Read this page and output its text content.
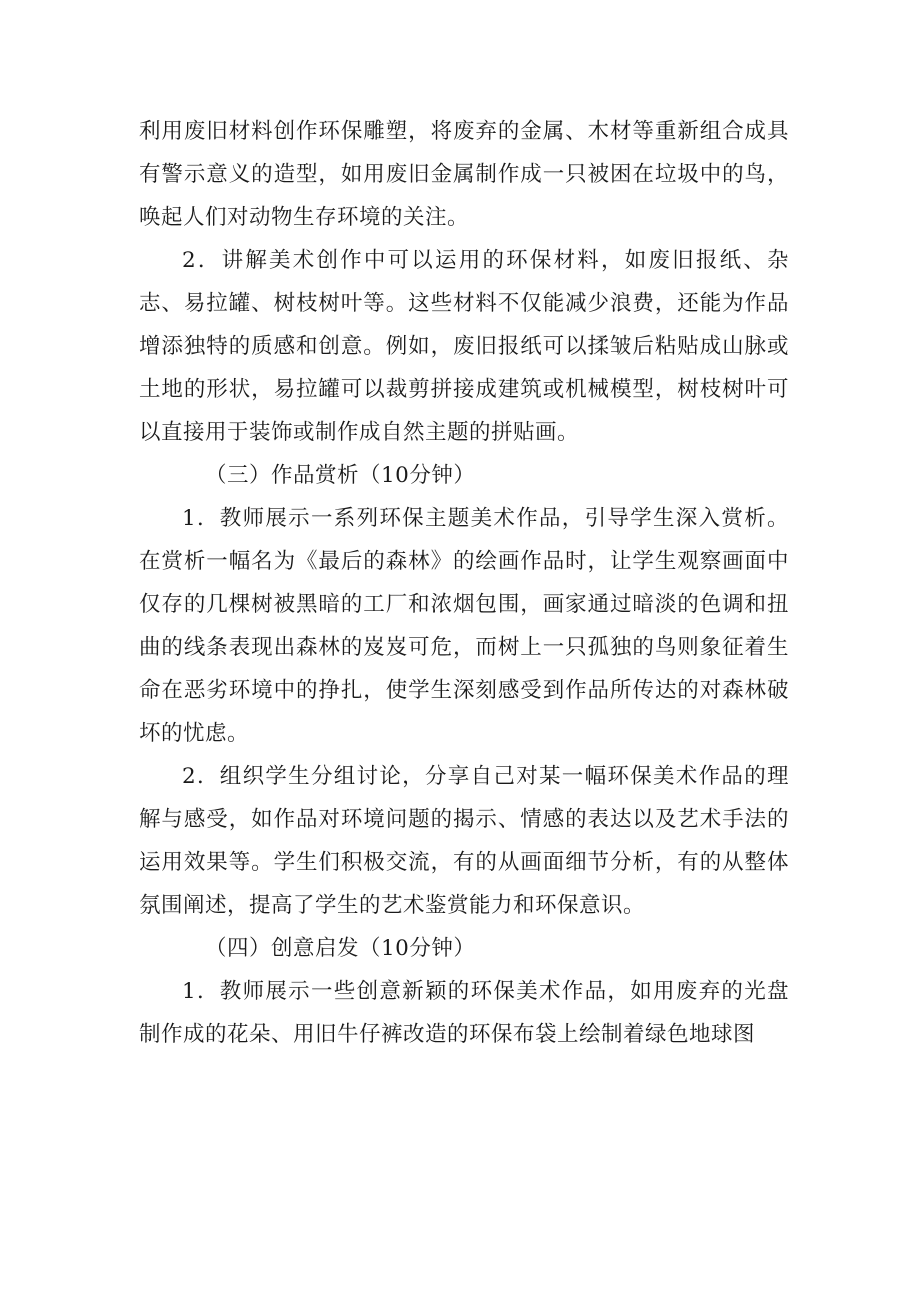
利用废旧材料创作环保雕塑，将废弃的金属、木材等重新组合成具有警示意义的造型，如用废旧金属制作成一只被困在垃圾中的鸟，唤起人们对动物生存环境的关注。

2．讲解美术创作中可以运用的环保材料，如废旧报纸、杂志、易拉罐、树枝树叶等。这些材料不仅能减少浪费，还能为作品增添独特的质感和创意。例如，废旧报纸可以揉皱后粘贴成山脉或土地的形状，易拉罐可以裁剪拼接成建筑或机械模型，树枝树叶可以直接用于装饰或制作成自然主题的拼贴画。

（三）作品赏析（10分钟）

1．教师展示一系列环保主题美术作品，引导学生深入赏析。在赏析一幅名为《最后的森林》的绘画作品时，让学生观察画面中仅存的几棵树被黑暗的工厂和浓烟包围，画家通过暗淡的色调和扭曲的线条表现出森林的岌岌可危，而树上一只孤独的鸟则象征着生命在恶劣环境中的挣扎，使学生深刻感受到作品所传达的对森林破坏的忧虑。

2．组织学生分组讨论，分享自己对某一幅环保美术作品的理解与感受，如作品对环境问题的揭示、情感的表达以及艺术手法的运用效果等。学生们积极交流，有的从画面细节分析，有的从整体氛围阐述，提高了学生的艺术鉴赏能力和环保意识。

（四）创意启发（10分钟）

1．教师展示一些创意新颖的环保美术作品，如用废弃的光盘制作成的花朵、用旧牛仔裤改造的环保布袋上绘制着绿色地球图
